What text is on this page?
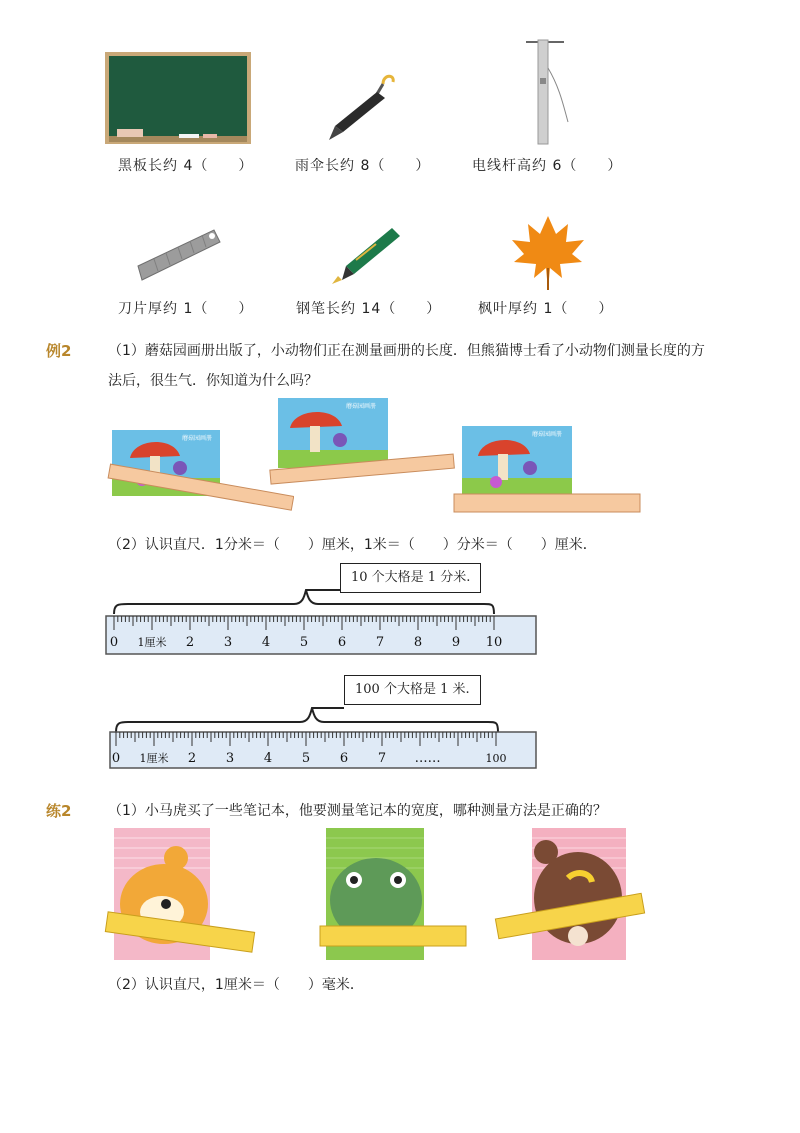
黑板长约 4（　　）	雨伞长约 8（　　）	电线杆高约 6（　　）
刀片厚约 1（　　）	钢笔长约 14（　　）	枫叶厚约 1（　　）
例2	（1）蘑菇园画册出版了，小动物们正在测量画册的长度．但熊猫博士看了小动物们测量长度的方
法后，很生气．你知道为什么吗？
蘑菇园画册
蘑菇园画册
蘑菇园画册
（2）认识直尺．1分米＝（　　）厘米，1米＝（　　）分米＝（　　）厘米．
10 个大格是 1 分米.
0 1厘米 2 3 4 5 6 7 8 9 10
100 个大格是 1 米.
0 1厘米 2 3 4 5 6 7 ……	100
练2	（1）小马虎买了一些笔记本，他要测量笔记本的宽度，哪种测量方法是正确的？
（2）认识直尺，1厘米＝（　　）毫米．
